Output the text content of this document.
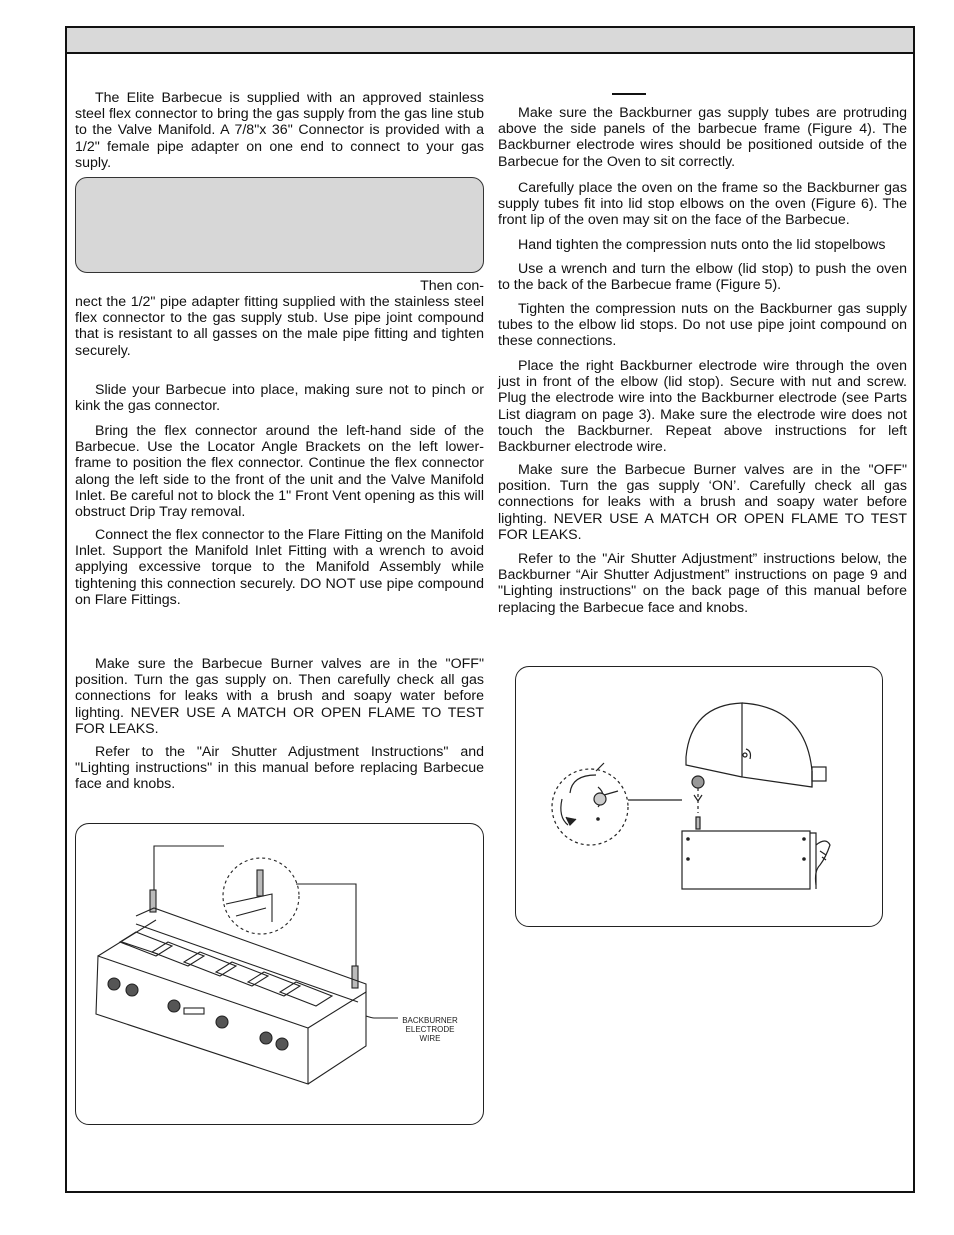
The Elite Barbecue is supplied with an approved stainless steel flex connector to bring the gas supply from the gas line stub to the Valve Manifold. A 7/8"x 36" Connector is provided with a 1/2" female pipe adapter on one end to connect to your gas suply.

Then con-

nect the 1/2" pipe adapter fitting supplied with the stainless steel flex connector to the gas supply stub. Use pipe joint compound that is resistant to all gasses on the male pipe fitting and tighten securely.

Slide your Barbecue into place, making sure not to pinch or kink the gas connector.

Bring the flex connector around the left-hand side of the Barbecue. Use the Locator Angle Brackets on the left lower-frame to position the flex connector. Continue the flex connector along the left side to the front of the unit and the Valve Manifold Inlet. Be careful not to block the 1" Front Vent opening as this will obstruct Drip Tray removal.

Connect the flex connector to the Flare Fitting on the Manifold Inlet. Support the Manifold Inlet Fitting with a wrench to avoid applying excessive torque to the Manifold Assembly while tightening this connection securely. DO NOT use pipe compound on Flare Fittings.

Make sure the Barbecue Burner valves are in the "OFF" position. Turn the gas supply on. Then carefully check all gas connections for leaks with a brush and soapy water before lighting. NEVER USE A MATCH OR OPEN FLAME TO TEST FOR LEAKS.

Refer to the "Air Shutter Adjustment Instructions" and "Lighting instructions" in this manual before replacing Barbecue face and knobs.

Make sure the Backburner gas supply tubes are protruding above the side panels of the barbecue frame (Figure 4). The Backburner electrode wires should be positioned outside of the Barbecue for the Oven to sit correctly.

Carefully place the oven on the frame so the Backburner gas supply tubes fit into lid stop elbows on the oven (Figure 6). The front lip of the oven may sit on the face of the Barbecue.

Hand tighten the compression nuts onto the lid stopelbows

Use a wrench and turn the elbow (lid stop) to push the oven to the back of the Barbecue frame (Figure 5).

Tighten the compression nuts on the Backburner gas supply tubes to the elbow lid stops. Do not use pipe joint compound on these connections.

Place the right Backburner electrode wire through the oven just in front of the elbow (lid stop). Secure with nut and screw. Plug the electrode wire into the Backburner electrode (see Parts List diagram on page 3). Make sure the electrode wire does not touch the Backburner. Repeat above instructions for left Backburner electrode wire.

Make sure the Barbecue Burner valves are in the "OFF" position. Turn the gas supply ‘ON’. Carefully check all gas connections for leaks with a brush and soapy water before lighting. NEVER USE A MATCH OR OPEN FLAME TO TEST FOR LEAKS.

Refer to the "Air Shutter Adjustment” instructions below, the Backburner “Air Shutter Adjustment” instructions on page 9 and "Lighting instructions" on the back page of this manual before replacing the Barbecue face and knobs.

BACKBURNER ELECTRODE WIRE
